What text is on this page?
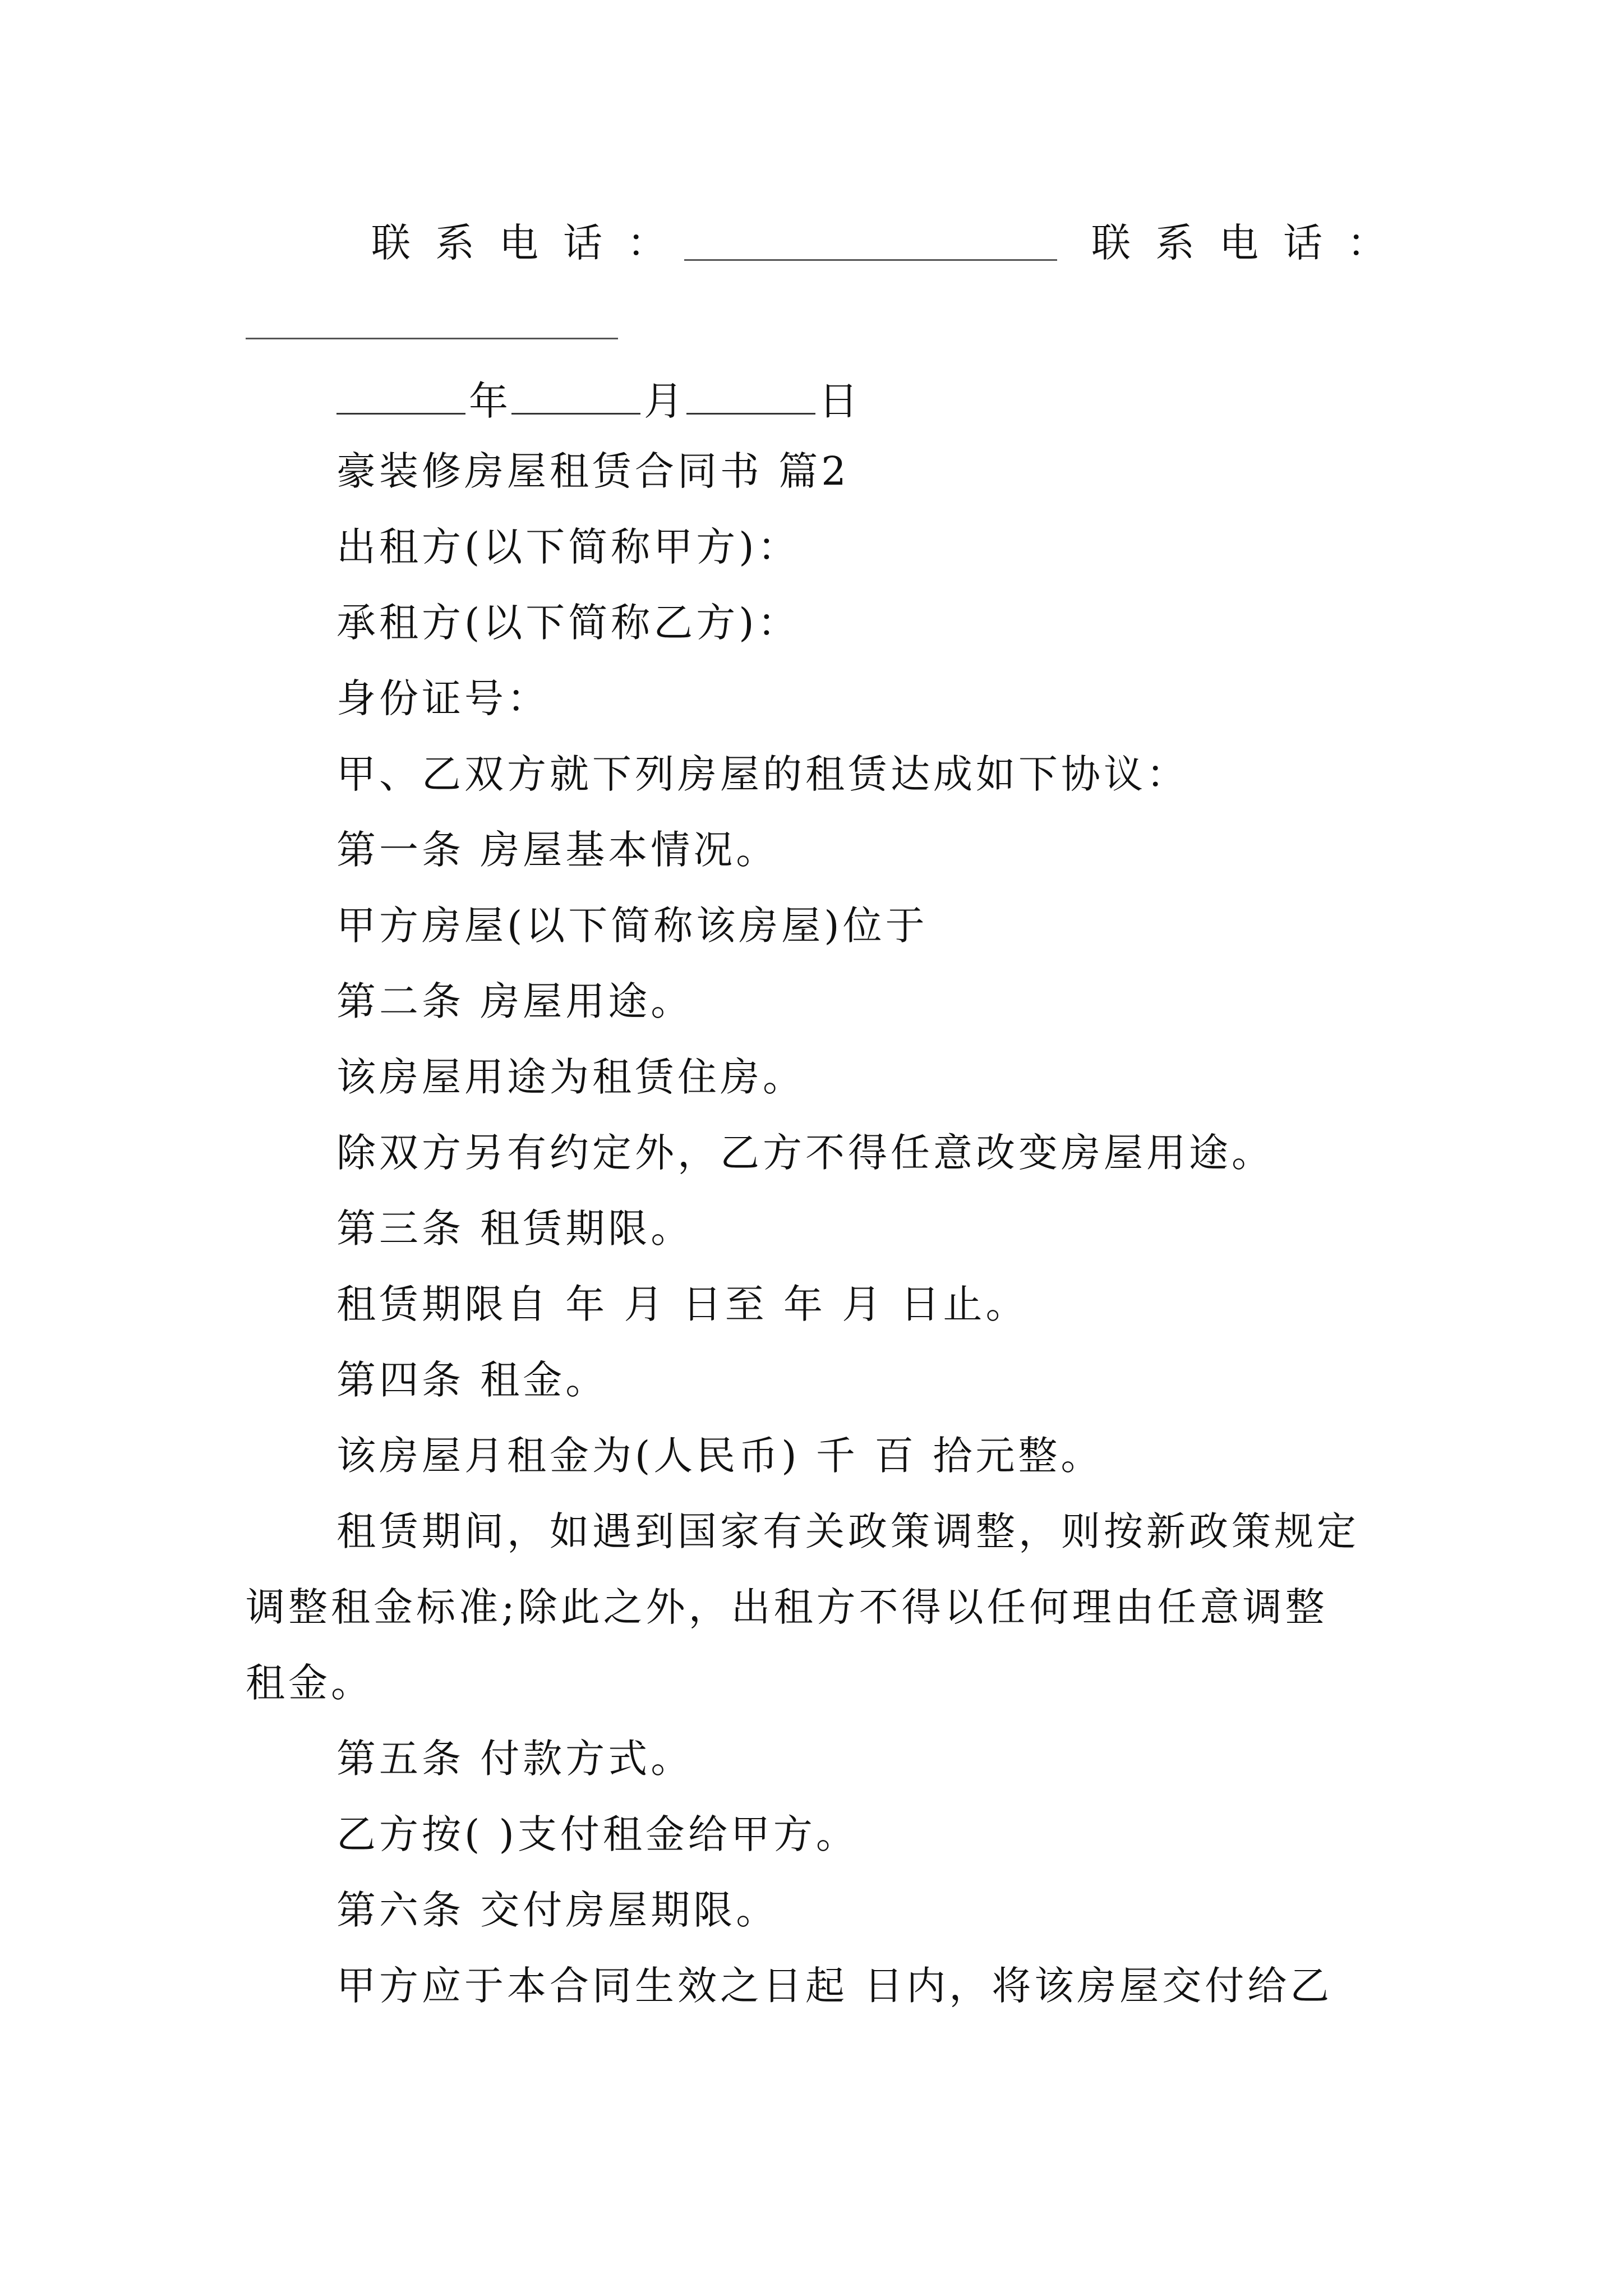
联系电话：	联系电话：
年	月	日
豪装修房屋租赁合同书 篇2
出租方(以下简称甲方)：
承租方(以下简称乙方)：
身份证号：
甲、乙双方就下列房屋的租赁达成如下协议：
第一条 房屋基本情况。
甲方房屋(以下简称该房屋)位于
第二条 房屋用途。
该房屋用途为租赁住房。
除双方另有约定外，乙方不得任意改变房屋用途。
第三条 租赁期限。
租赁期限自 年 月 日至 年 月 日止。
第四条 租金。
该房屋月租金为(人民币) 千 百 拾元整。
租赁期间，如遇到国家有关政策调整，则按新政策规定
调整租金标准;除此之外，出租方不得以任何理由任意调整
租金。
第五条 付款方式。
乙方按( )支付租金给甲方。
第六条 交付房屋期限。
甲方应于本合同生效之日起 日内，将该房屋交付给乙
